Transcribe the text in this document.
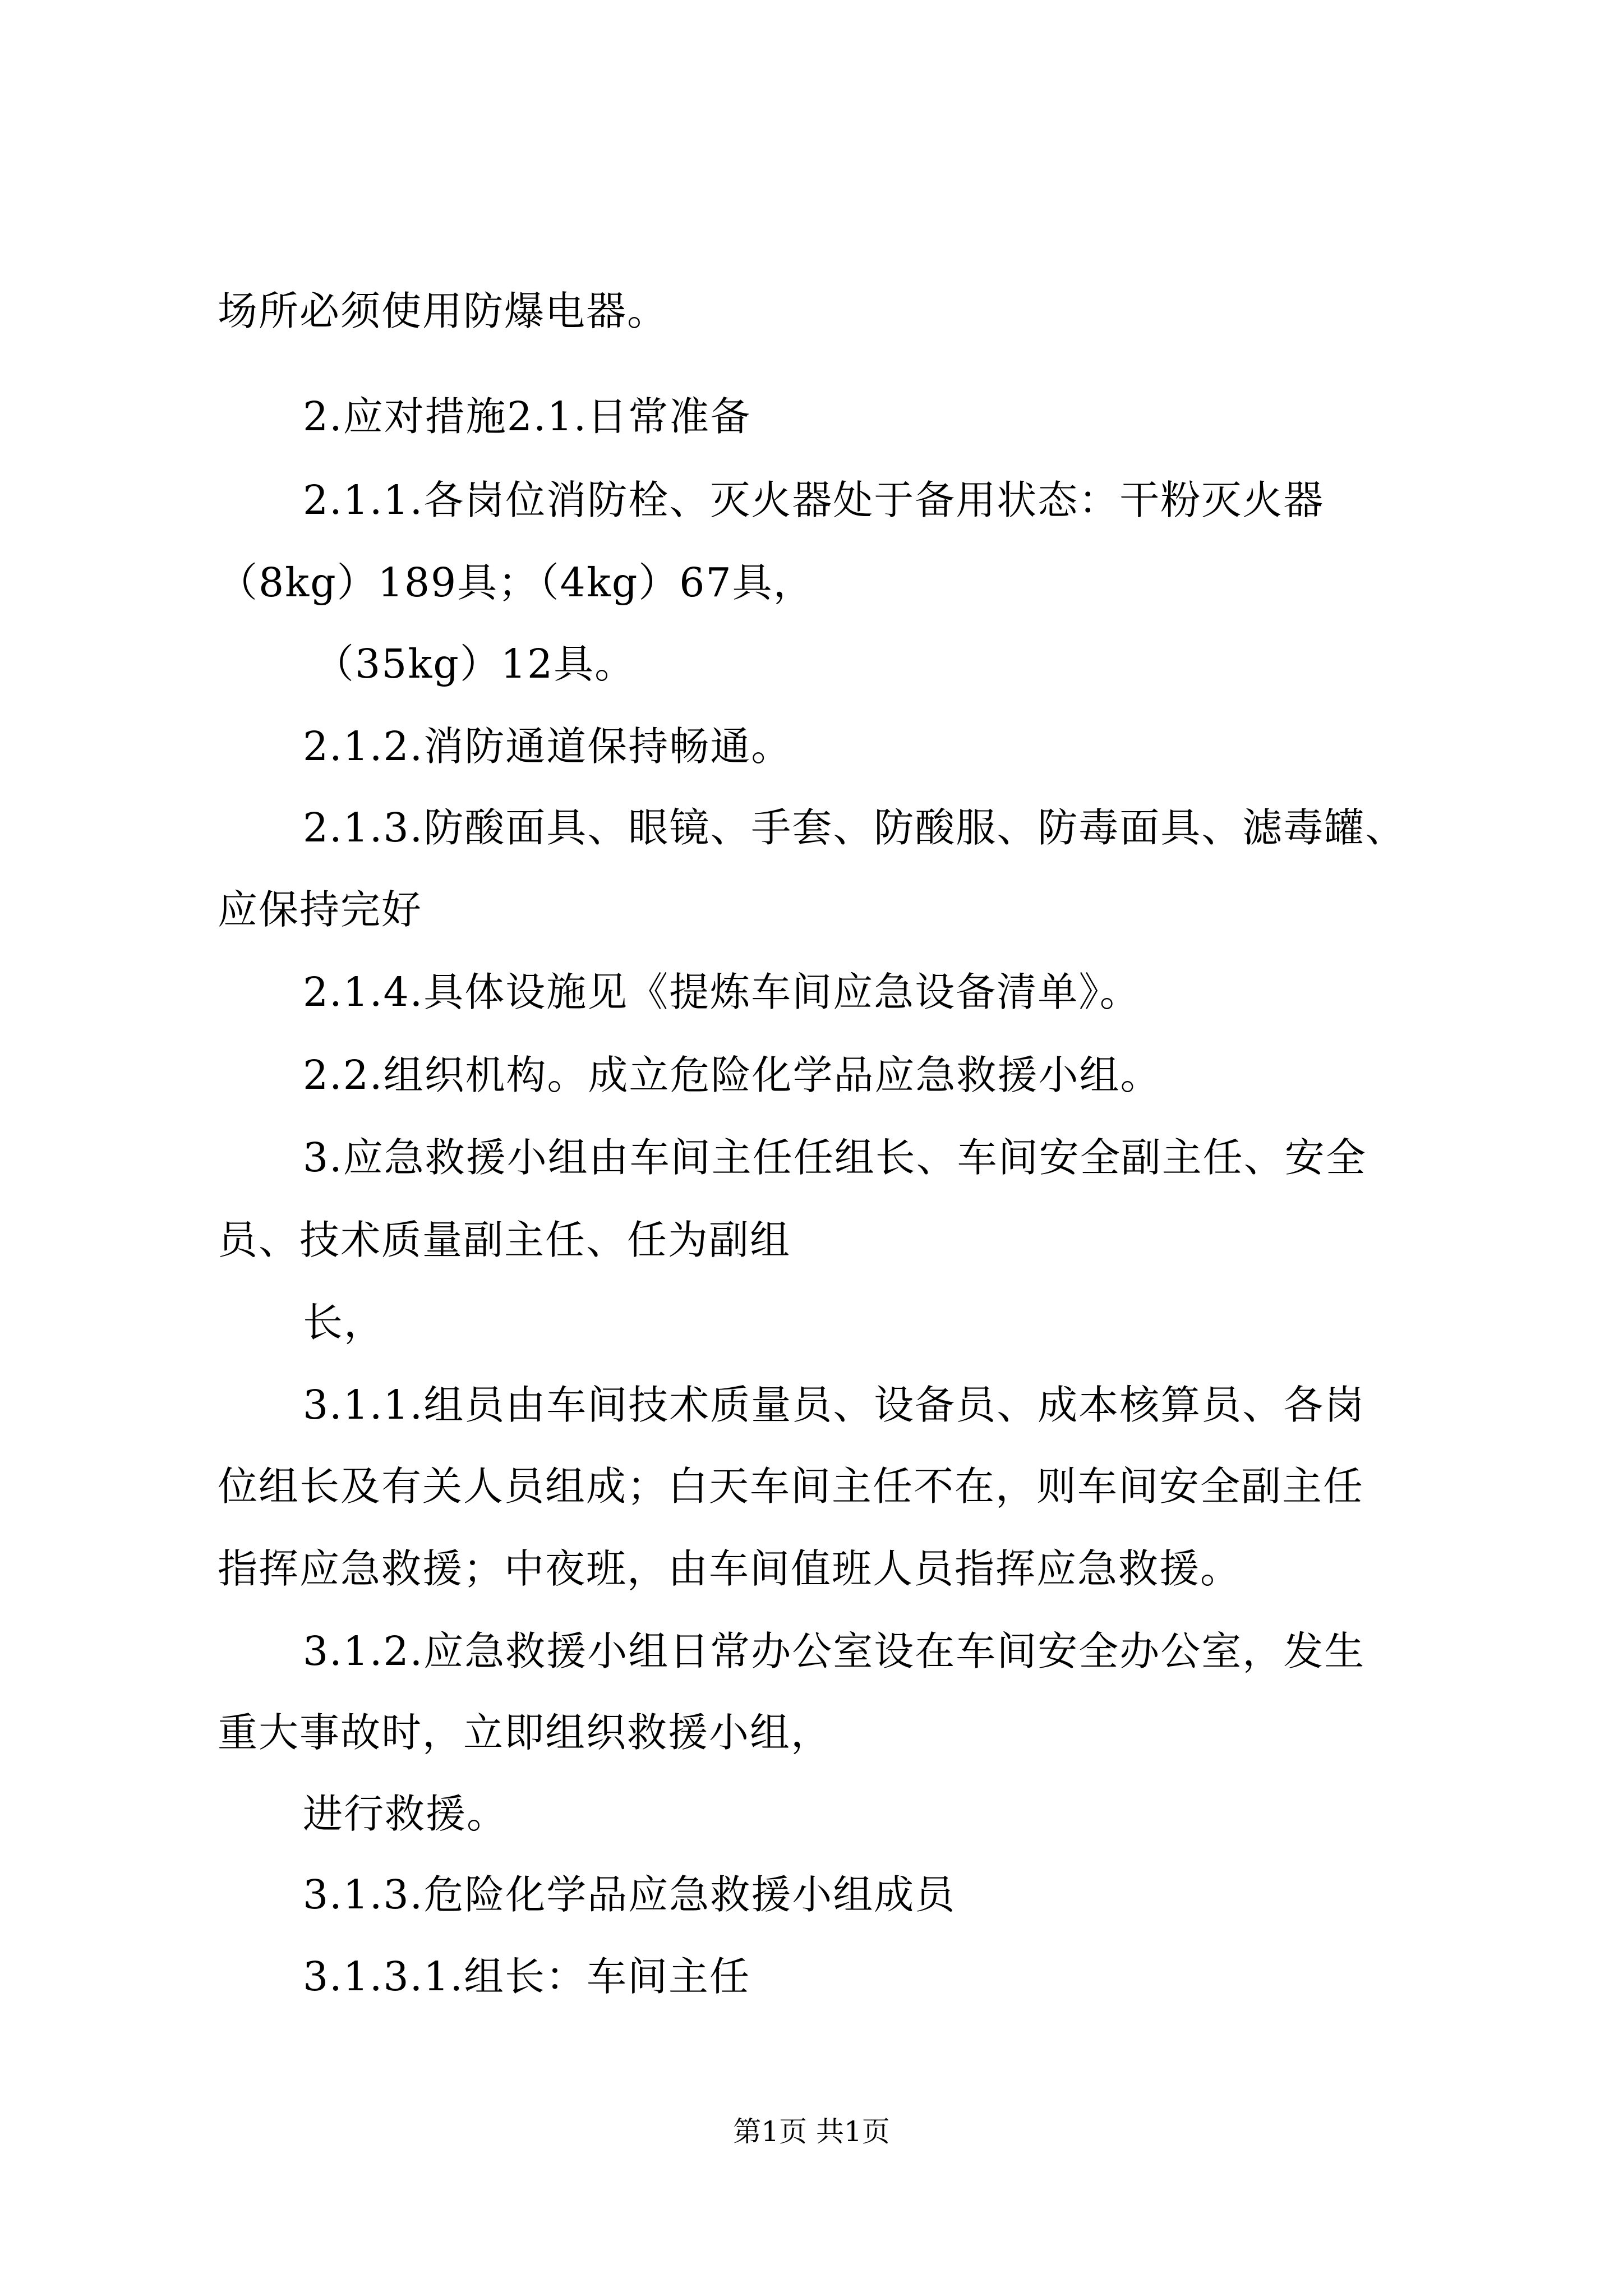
场所必须使用防爆电器。
2.应对措施2.1.日常准备
2.1.1.各岗位消防栓、灭火器处于备用状态：干粉灭火器
（8kg）189具；（4kg）67具，
（35kg）12具。
2.1.2.消防通道保持畅通。
2.1.3.防酸面具、眼镜、手套、防酸服、防毒面具、滤毒罐、
应保持完好
2.1.4.具体设施见《提炼车间应急设备清单》。
2.2.组织机构。成立危险化学品应急救援小组。
3.应急救援小组由车间主任任组长、车间安全副主任、安全
员、技术质量副主任、任为副组
长，
3.1.1.组员由车间技术质量员、设备员、成本核算员、各岗
位组长及有关人员组成；白天车间主任不在，则车间安全副主任
指挥应急救援；中夜班，由车间值班人员指挥应急救援。
3.1.2.应急救援小组日常办公室设在车间安全办公室，发生
重大事故时，立即组织救援小组，
进行救援。
3.1.3.危险化学品应急救援小组成员
3.1.3.1.组长：车间主任
第1页 共1页
